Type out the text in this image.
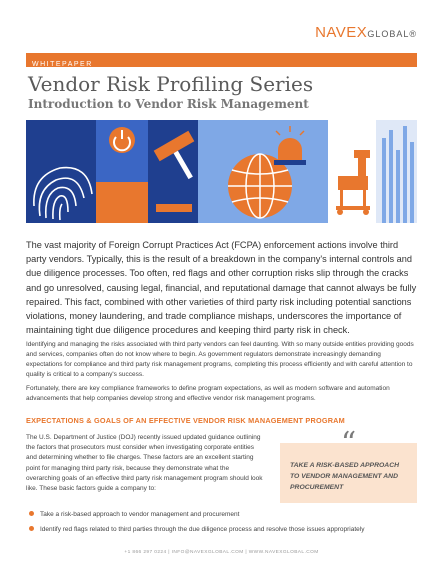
NAVEXGLOBAL®
WHITEPAPER
Vendor Risk Profiling Series
Introduction to Vendor Risk Management

The vast majority of Foreign Corrupt Practices Act (FCPA) enforcement actions involve third party vendors. Typically, this is the result of a breakdown in the company's internal controls and due diligence processes. Too often, red flags and other corruption risks slip through the cracks and go unresolved, causing legal, financial, and reputational damage that cannot always be fully repaired. This fact, combined with other varieties of third party risk including potential sanctions violations, money laundering, and trade compliance mishaps, underscores the importance of maintaining tight due diligence procedures and keeping third party risk in check.

Identifying and managing the risks associated with third party vendors can feel daunting. With so many outside entities providing goods and services, companies often do not know where to begin. As government regulators demonstrate increasingly demanding expectations for compliance and third party risk management programs, completing this process efficiently and with careful attention to quality is critical to a company's success.

Fortunately, there are key compliance frameworks to define program expectations, as well as modern software and automation advancements that help companies develop strong and effective vendor risk management programs.

EXPECTATIONS & GOALS OF AN EFFECTIVE VENDOR RISK MANAGEMENT PROGRAM

The U.S. Department of Justice (DOJ) recently issued updated guidance outlining the factors that prosecutors must consider when investigating corporate entities and determining whether to file charges. These factors are an excellent starting point for managing third party risk, because they demonstrate what the overarching goals of an effective third party risk management program should look like. These basic factors guide a company to:

“
TAKE A RISK-BASED APPROACH TO VENDOR MANAGEMENT AND PROCUREMENT
Take a risk-based approach to vendor management and procurement
Identify red flags related to third parties through the due diligence process and resolve those issues appropriately
+1 866 297 0224 | INFO@NAVEXGLOBAL.COM | WWW.NAVEXGLOBAL.COM
